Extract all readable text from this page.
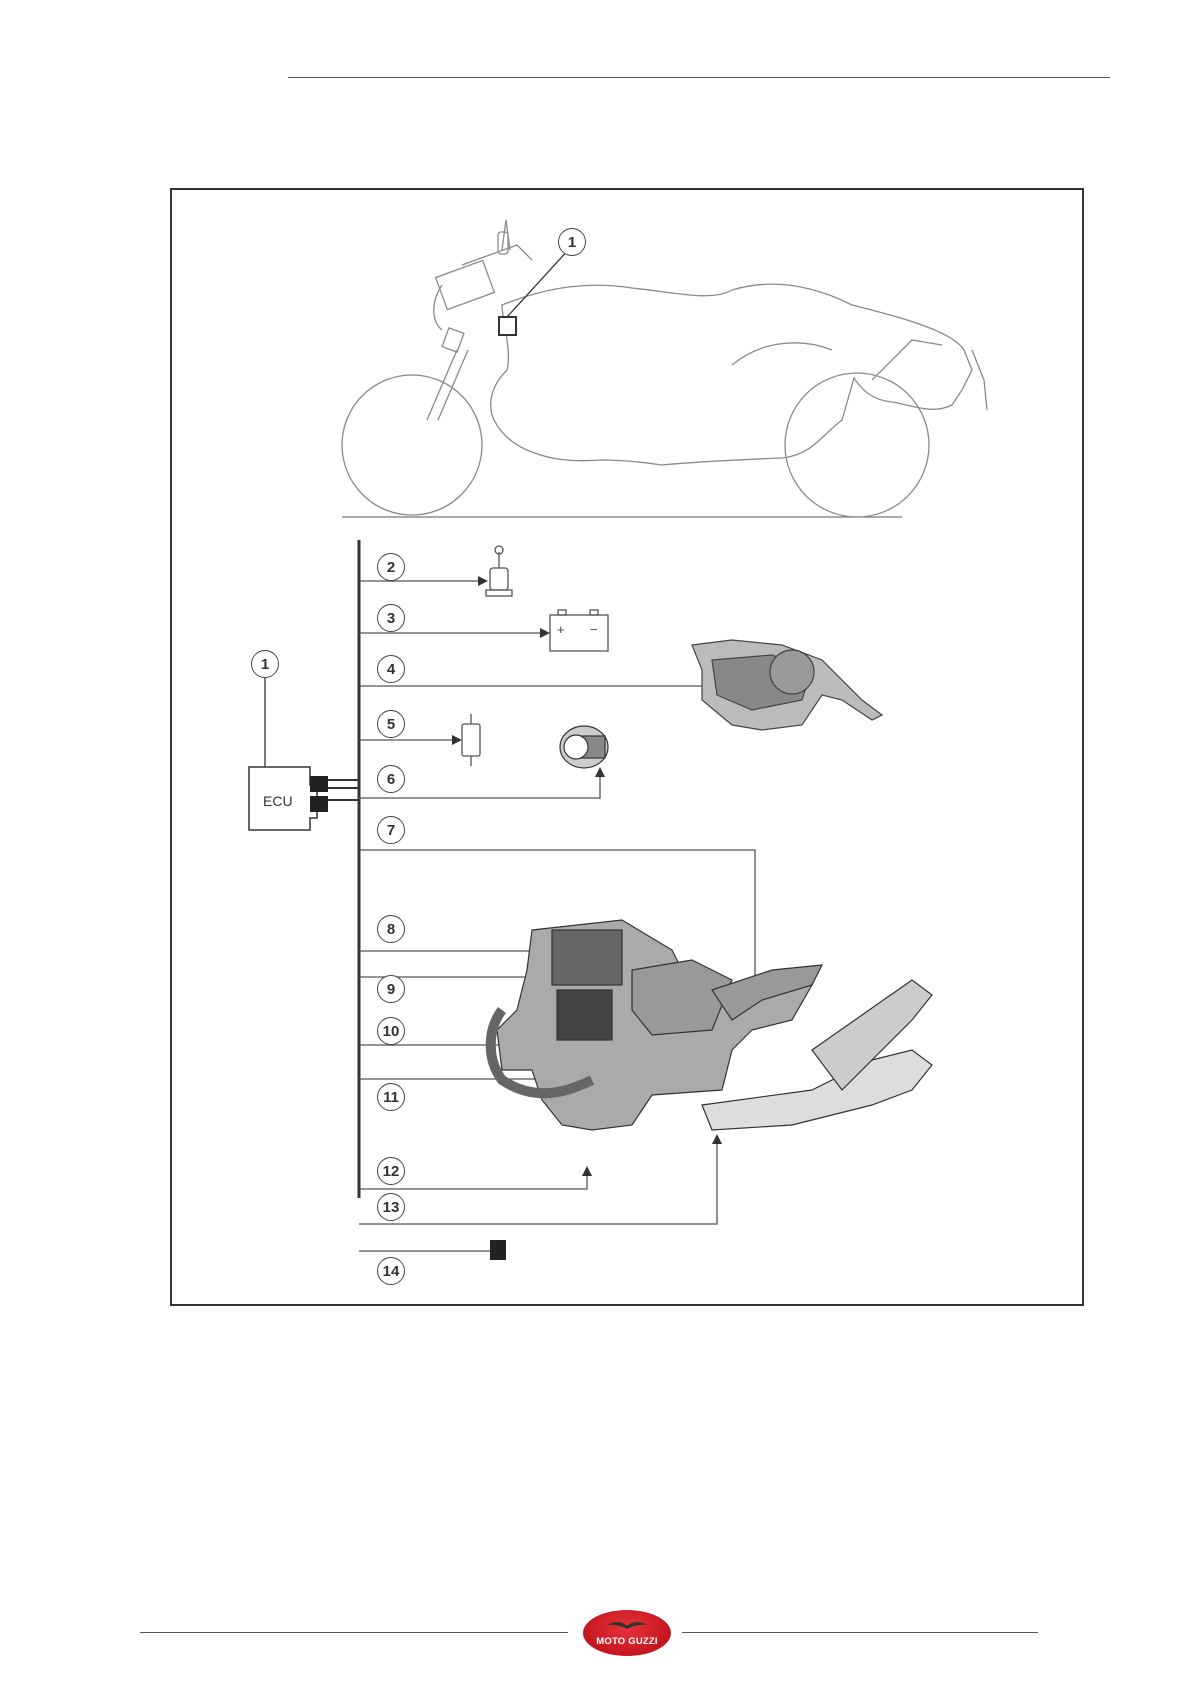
+ −
1
1
ECU
2
3
4
5
6
7
8
9
10
11
12
13
14
MOTO GUZZI
